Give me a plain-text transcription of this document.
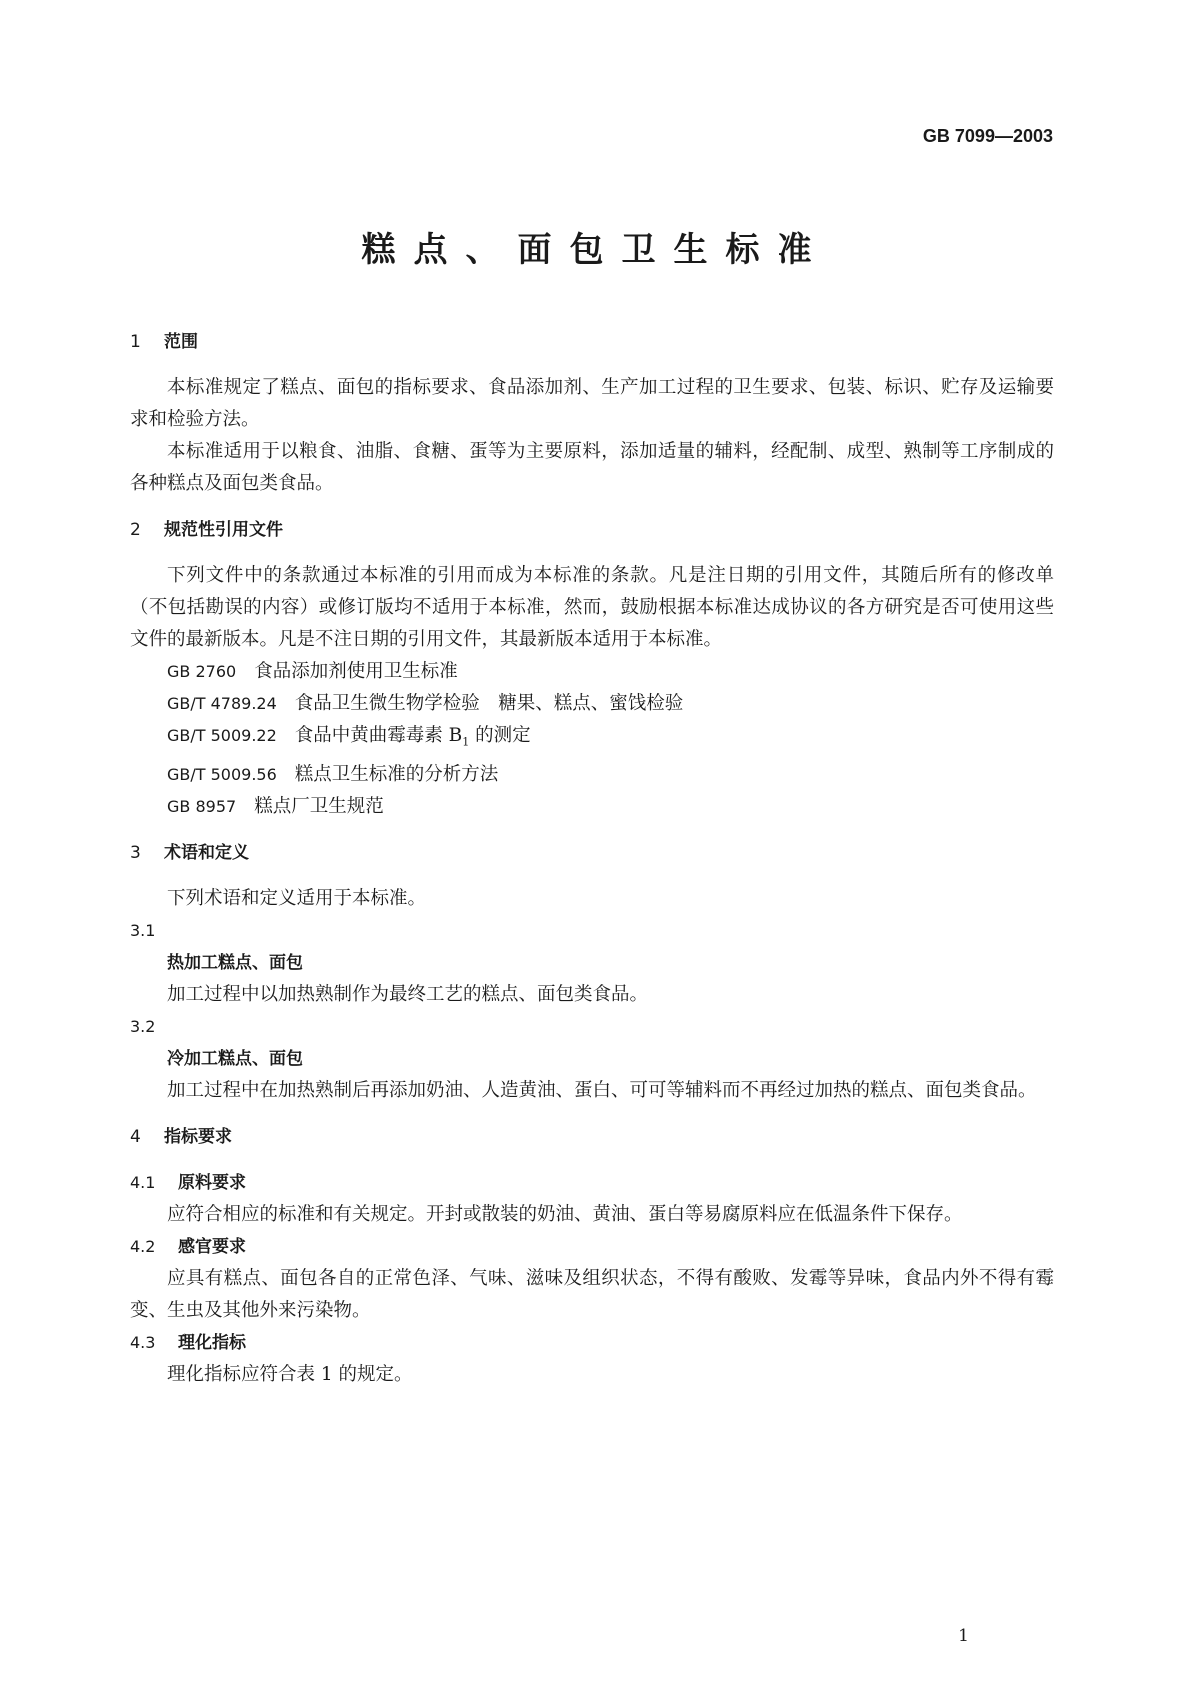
GB 7099—2003
糕点、面包卫生标准
1 范围

本标准规定了糕点、面包的指标要求、食品添加剂、生产加工过程的卫生要求、包装、标识、贮存及运输要求和检验方法。

本标准适用于以粮食、油脂、食糖、蛋等为主要原料，添加适量的辅料，经配制、成型、熟制等工序制成的各种糕点及面包类食品。

2 规范性引用文件

下列文件中的条款通过本标准的引用而成为本标准的条款。凡是注日期的引用文件，其随后所有的修改单（不包括勘误的内容）或修订版均不适用于本标准，然而，鼓励根据本标准达成协议的各方研究是否可使用这些文件的最新版本。凡是不注日期的引用文件，其最新版本适用于本标准。

GB 2760 食品添加剂使用卫生标准
GB/T 4789.24 食品卫生微生物学检验　糖果、糕点、蜜饯检验
GB/T 5009.22 食品中黄曲霉毒素 $B_1$ 的测定
GB/T 5009.56 糕点卫生标准的分析方法
GB 8957 糕点厂卫生规范
3 术语和定义

下列术语和定义适用于本标准。

3.1
热加工糕点、面包

加工过程中以加热熟制作为最终工艺的糕点、面包类食品。

3.2
冷加工糕点、面包

加工过程中在加热熟制后再添加奶油、人造黄油、蛋白、可可等辅料而不再经过加热的糕点、面包类食品。

4 指标要求
4.1 原料要求

应符合相应的标准和有关规定。开封或散装的奶油、黄油、蛋白等易腐原料应在低温条件下保存。

4.2 感官要求

应具有糕点、面包各自的正常色泽、气味、滋味及组织状态，不得有酸败、发霉等异味，食品内外不得有霉变、生虫及其他外来污染物。

4.3 理化指标

理化指标应符合表 1 的规定。

1
